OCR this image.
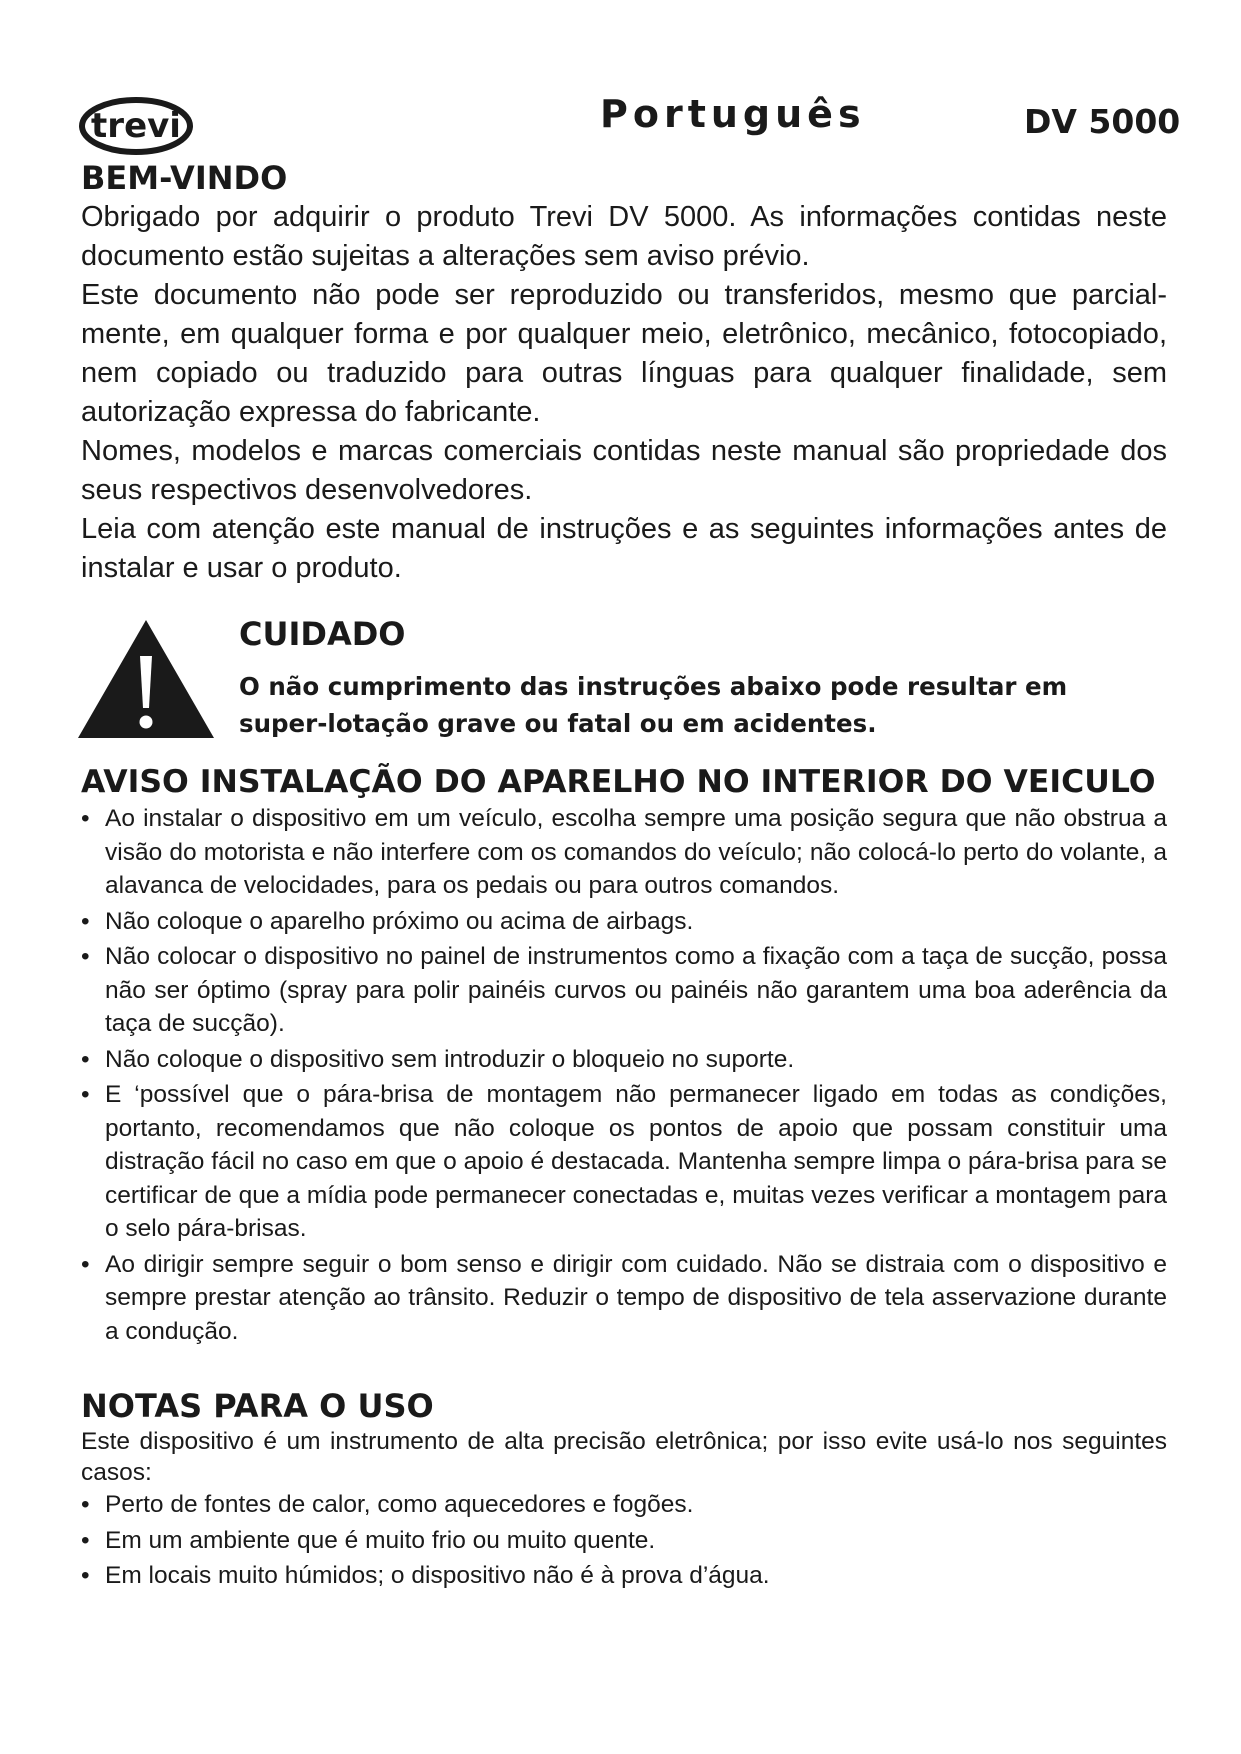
trevi	Português	DV 5000
BEM-VINDO

Obrigado por adquirir o produto Trevi DV 5000. As informações contidas neste documento estão sujeitas a alterações sem aviso prévio.

Este documento não pode ser reproduzido ou transferidos, mesmo que parcial-mente, em qualquer forma e por qualquer meio, eletrônico, mecânico, fotocopiado, nem copiado ou traduzido para outras línguas para qualquer finalidade, sem autorização expressa do fabricante.

Nomes, modelos e marcas comerciais contidas neste manual são propriedade dos seus respectivos desenvolvedores.

Leia com atenção este manual de instruções e as seguintes informações antes de instalar e usar o produto.

CUIDADO
O não cumprimento das instruções abaixo pode resultar em super-lotação grave ou fatal ou em acidentes.
AVISO INSTALAÇÃO DO APARELHO NO INTERIOR DO VEICULO
• Ao instalar o dispositivo em um veículo, escolha sempre uma posição segura que não obstrua a visão do motorista e não interfere com os comandos do veículo; não colocá-lo perto do volante, a alavanca de velocidades, para os pedais ou para outros comandos.
• Não coloque o aparelho próximo ou acima de airbags.
• Não colocar o dispositivo no painel de instrumentos como a fixação com a taça de sucção, possa não ser óptimo (spray para polir painéis curvos ou painéis não garantem uma boa aderência da taça de sucção).
• Não coloque o dispositivo sem introduzir o bloqueio no suporte.
• E ‘possível que o pára-brisa de montagem não permanecer ligado em todas as condições, portanto, recomendamos que não coloque os pontos de apoio que possam constituir uma distração fácil no caso em que o apoio é destacada. Mantenha sempre limpa o pára-brisa para se certificar de que a mídia pode permanecer conectadas e, muitas vezes verificar a montagem para o selo pára-brisas.
• Ao dirigir sempre seguir o bom senso e dirigir com cuidado. Não se distraia com o dispositivo e sempre prestar atenção ao trânsito. Reduzir o tempo de dispositivo de tela asservazione durante a condução.
NOTAS PARA O USO

Este dispositivo é um instrumento de alta precisão eletrônica; por isso evite usá-lo nos seguintes casos:

• Perto de fontes de calor, como aquecedores e fogões.
• Em um ambiente que é muito frio ou muito quente.
• Em locais muito húmidos; o dispositivo não é à prova d’água.
